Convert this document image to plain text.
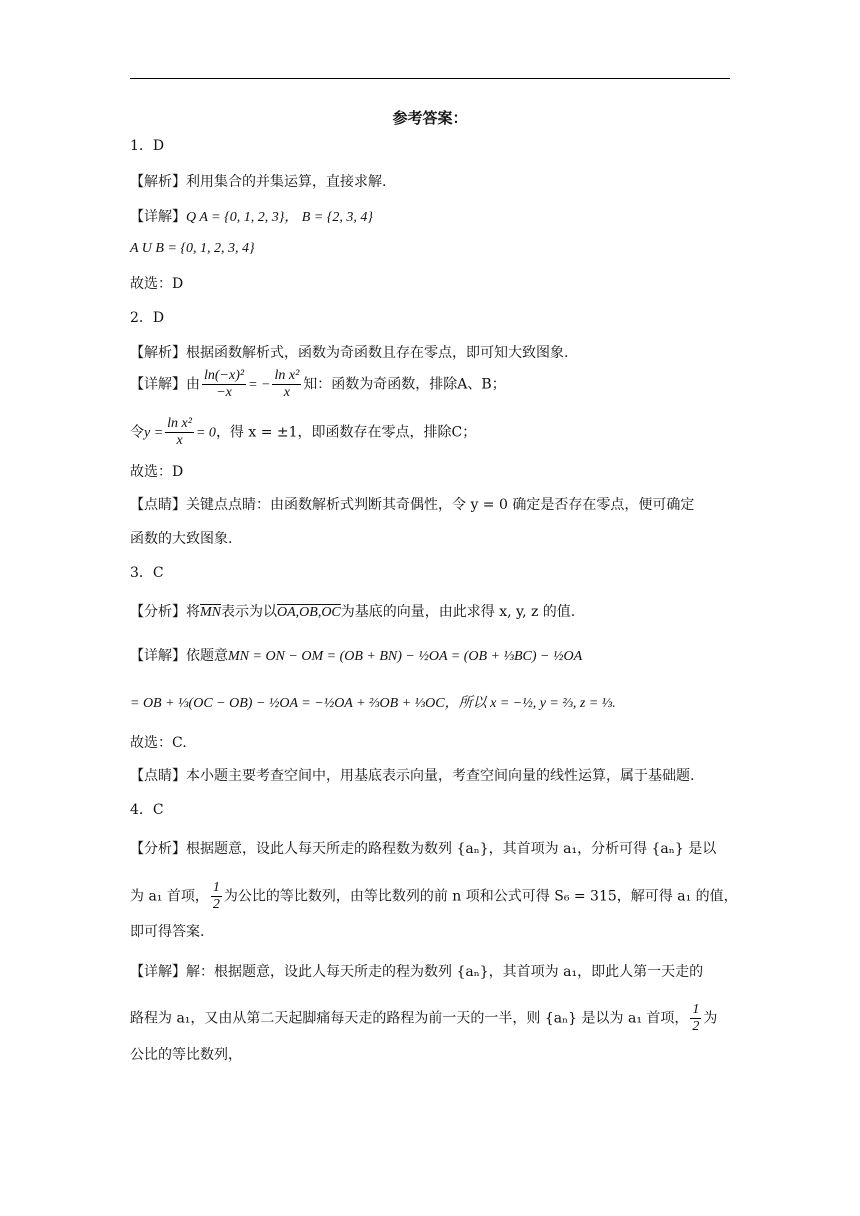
参考答案：
1．D
【解析】利用集合的并集运算，直接求解.
【详解】Q A = {0, 1, 2, 3}， B = {2, 3, 4}
A U B = {0, 1, 2, 3, 4}
故选：D
2．D
【解析】根据函数解析式，函数为奇函数且存在零点，即可知大致图象.
【详解】由 $\frac{\text{ln(−x)²}}{-x}$ = − $\frac{\text{ln x²}}{x}$ 知：函数为奇函数，排除A、B；
令$y = \frac{\text{ln x²}}{x} = 0$，得 x = ±1，即函数存在零点，排除C；
故选：D
【点睛】关键点点睛：由函数解析式判断其奇偶性，令 y = 0 确定是否存在零点，便可确定
函数的大致图象.
3．C
【分析】将$\overline{MN}$表示为以OA,OB,OC为基底的向量，由此求得 x, y, z 的值.
【详解】依题意MN = ON − OM = (OB + BN) − ½OA = (OB + ⅓BC) − ½OA
= OB + ⅓(OC − OB) − ½OA = −½OA + ⅔OB + ⅓OC，所以 x = −½, y = ⅔, z = ⅓.
故选：C.
【点睛】本小题主要考查空间中，用基底表示向量，考查空间向量的线性运算，属于基础题.
4．C
【分析】根据题意，设此人每天所走的路程数为数列 {aₙ}，其首项为 a₁，分析可得 {aₙ} 是以
为 a₁ 首项， $\frac{1}{2}$ 为公比的等比数列，由等比数列的前 n 项和公式可得 S₆ = 315，解可得 a₁ 的值，
即可得答案.
【详解】解：根据题意，设此人每天所走的程为数列 {aₙ}，其首项为 a₁，即此人第一天走的
路程为 a₁，又由从第二天起脚痛每天走的路程为前一天的一半，则 {aₙ} 是以为 a₁ 首项， $\frac{1}{2}$ 为
公比的等比数列，
